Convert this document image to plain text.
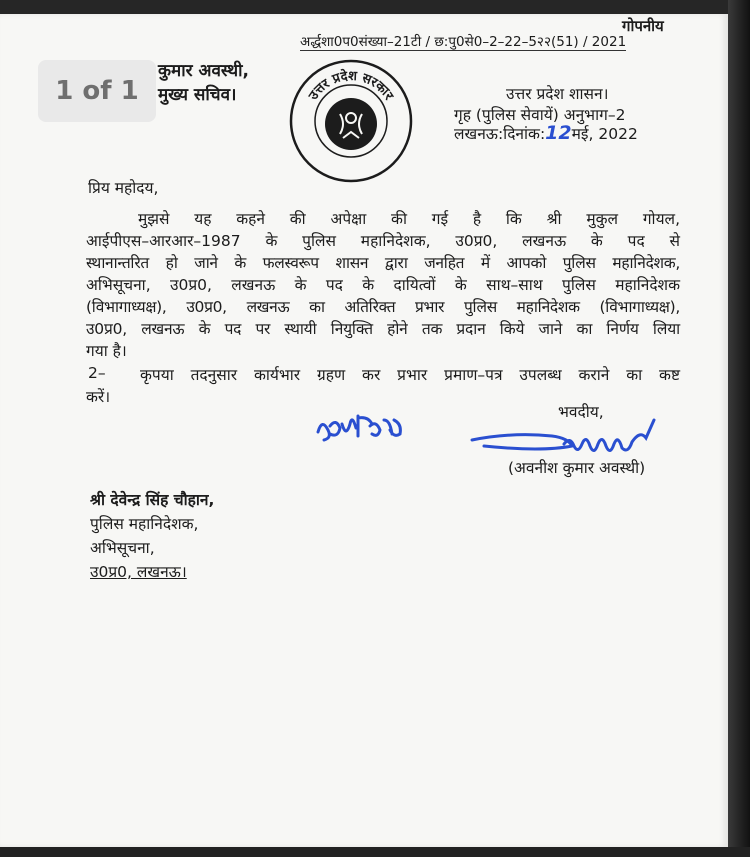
गोपनीय
अर्द्धशा0प0संख्या–21टी / छ:पु0से0–2–22–5२२(51) / 2021
कुमार अवस्थी,
मुख्य सचिव।	उत्तर प्रदेश सरकार	उत्तर प्रदेश शासन।
गृह (पुलिस सेवायें) अनुभाग–2
लखनऊ:दिनांक:12मई, 2022
प्रिय महोदय,
मुझसे यह कहने की अपेक्षा की गई है कि श्री मुकुल गोयल,
आईपीएस–आरआर–1987 के पुलिस महानिदेशक, उ0प्र0, लखनऊ के पद से
स्थानान्तरित हो जाने के फलस्वरूप शासन द्वारा जनहित में आपको पुलिस महानिदेशक,
अभिसूचना, उ0प्र0, लखनऊ के पद के दायित्वों के साथ–साथ पुलिस महानिदेशक
(विभागाध्यक्ष), उ0प्र0, लखनऊ का अतिरिक्त प्रभार पुलिस महानिदेशक (विभागाध्यक्ष),
उ0प्र0, लखनऊ के पद पर स्थायी नियुक्ति होने तक प्रदान किये जाने का निर्णय लिया
गया है।
2–	कृपया तदनुसार कार्यभार ग्रहण कर प्रभार प्रमाण–पत्र उपलब्ध कराने का कष्ट
करें।
भवदीय,
(अवनीश कुमार अवस्थी)
श्री देवेन्द्र सिंह चौहान,
पुलिस महानिदेशक,
अभिसूचना,
उ0प्र0, लखनऊ।
1 of 1
